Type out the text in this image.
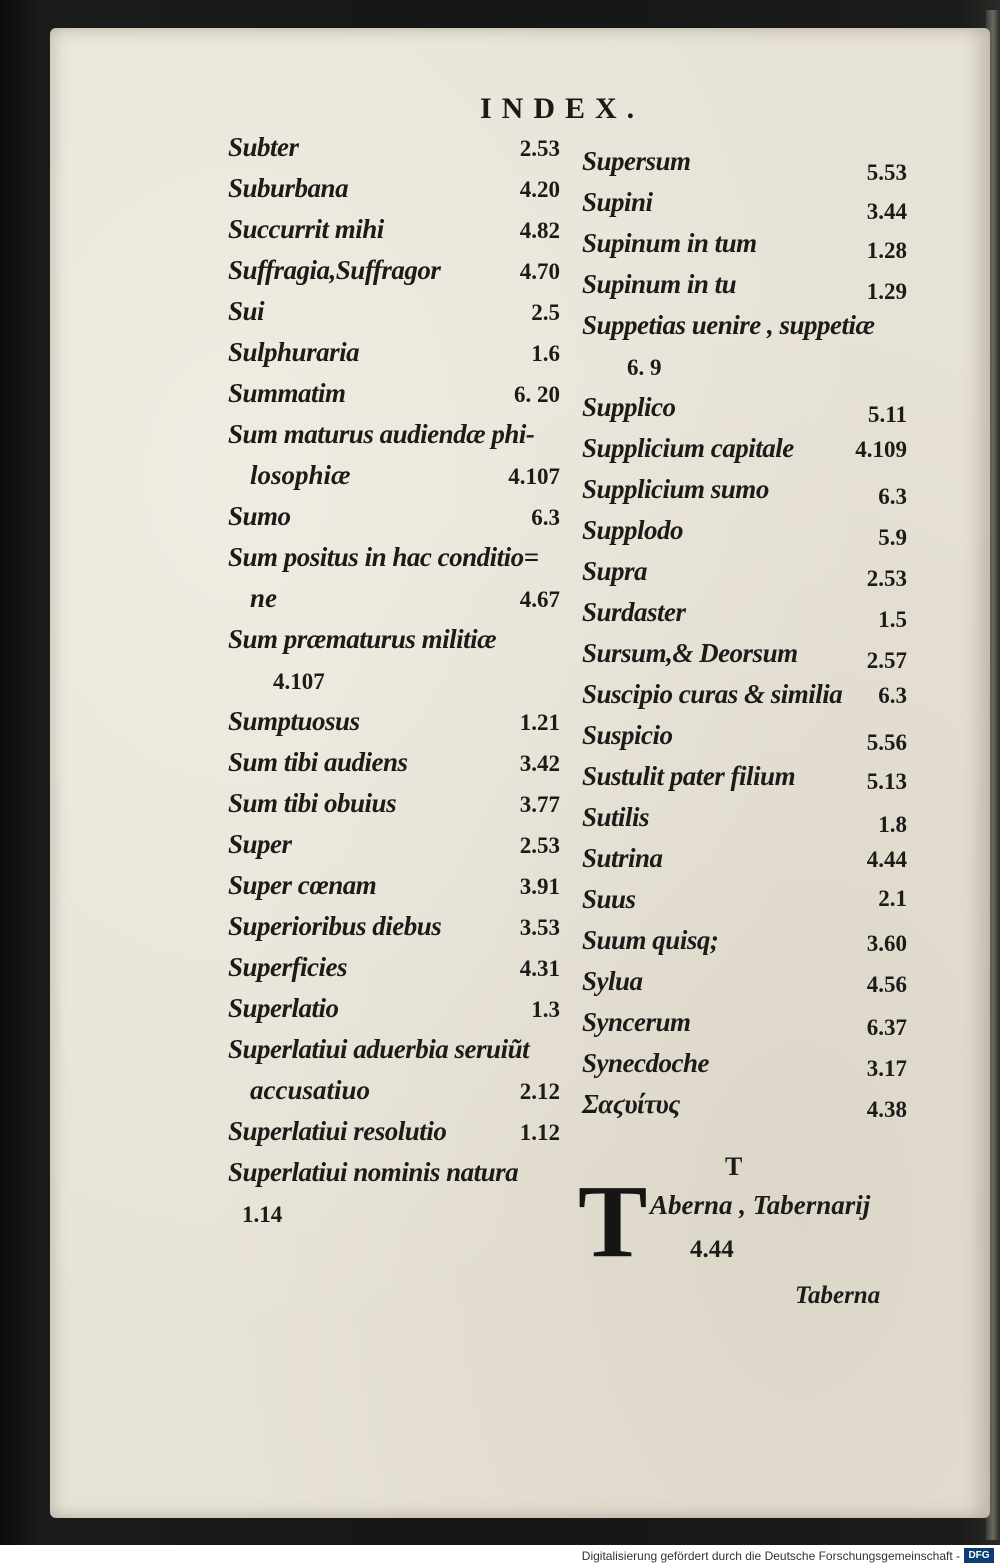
INDEX.
Subter	2.53
Suburbana	4.20
Succurrit mihi	4.82
Suffragia,Suffragor	4.70
Sui	2.5
Sulphuraria	1.6
Summatim	6. 20
Sum maturus audiendæ phi-
losophiæ	4.107
Sumo	6.3
Sum positus in hac conditio=
ne	4.67
Sum præmaturus militiæ
4.107
Sumptuosus	1.21
Sum tibi audiens	3.42
Sum tibi obuius	3.77
Super	2.53
Super cœnam	3.91
Superioribus diebus	3.53
Superficies	4.31
Superlatio	1.3
Superlatiui aduerbia seruiũt
accusatiuo	2.12
Superlatiui resolutio	1.12
Superlatiui nominis natura
1.14
Supersum	5.53
Supini	3.44
Supinum in tum	1.28
Supinum in tu	1.29
Suppetias uenire , suppetiæ
6. 9
Supplico	5.11
Supplicium capitale	4.109
Supplicium sumo	6.3
Supplodo	5.9
Supra	2.53
Surdaster	1.5
Sursum,& Deorsum	2.57
Suscipio curas & similia 6.3
Suspicio	5.56
Sustulit pater filium	5.13
Sutilis	1.8
Sutrina	4.44
Suus	2.1
Suum quisq;	3.60
Sylua	4.56
Syncerum	6.37
Synecdoche	3.17
Σαϛυίτυς	4.38
T
T Aberna , Tabernarij
4.44
Taberna
Digitalisierung gefördert durch die Deutsche Forschungsgemeinschaft - DFG
